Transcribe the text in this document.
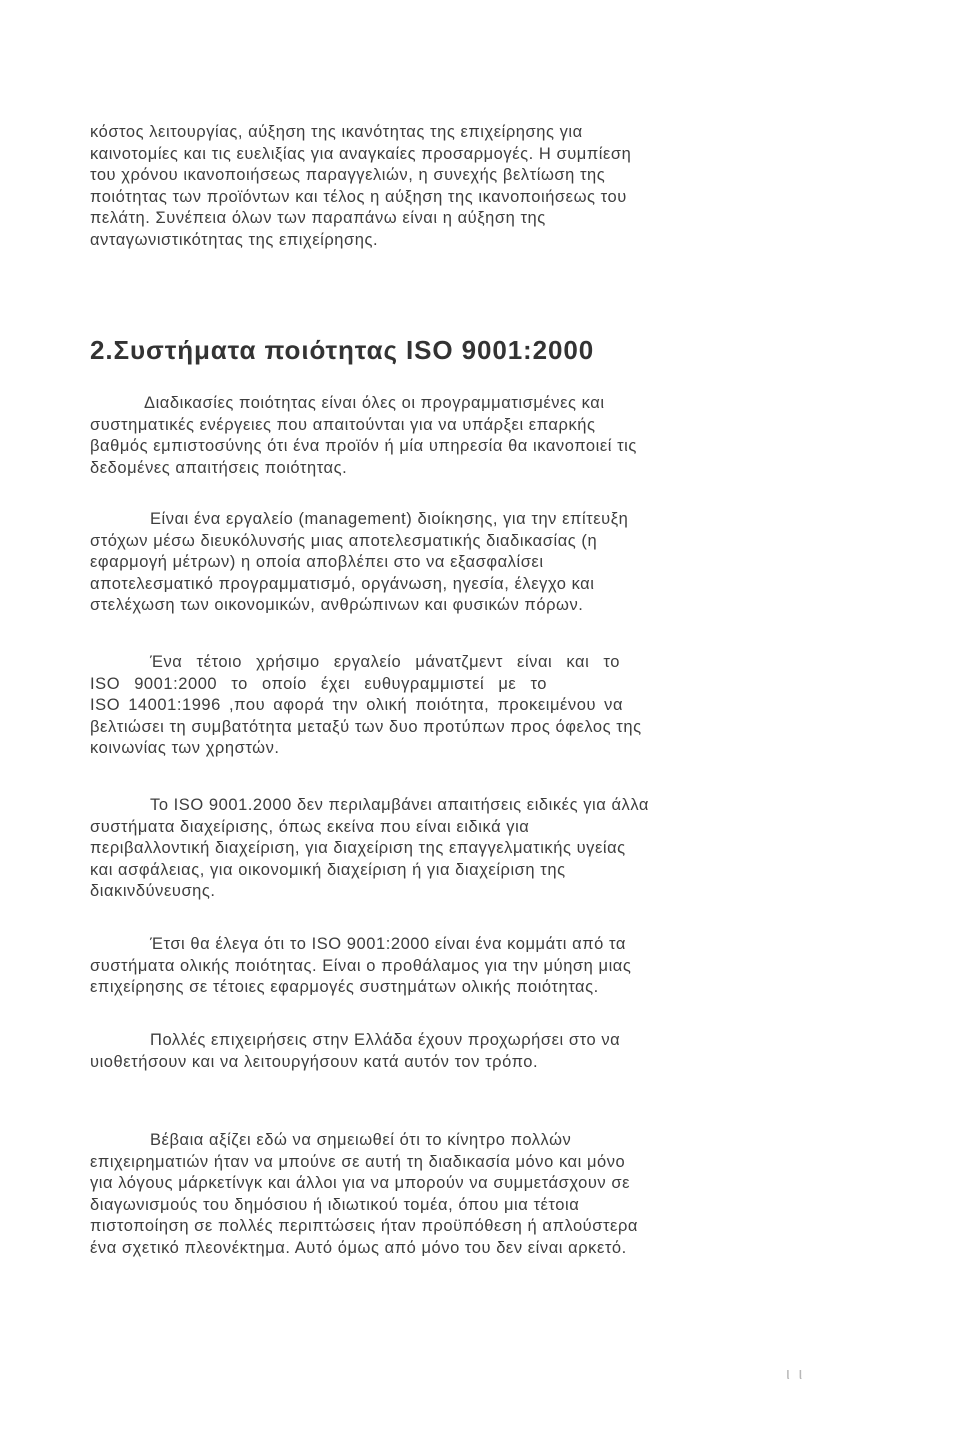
κόστος λειτουργίας, αύξηση της ικανότητας της επιχείρησης για
καινοτομίες και τις ευελιξίας για αναγκαίες προσαρμογές. Η συμπίεση
του χρόνου ικανοποιήσεως παραγγελιών, η συνεχής βελτίωση της
ποιότητας των προϊόντων και τέλος η αύξηση της ικανοποιήσεως του
πελάτη. Συνέπεια όλων των παραπάνω είναι η αύξηση της
ανταγωνιστικότητας της επιχείρησης.
2.Συστήματα ποιότητας ISO 9001:2000
Διαδικασίες ποιότητας είναι όλες οι προγραμματισμένες και
συστηματικές ενέργειες που απαιτούνται για να υπάρξει επαρκής
βαθμός εμπιστοσύνης ότι ένα προϊόν ή μία υπηρεσία θα ικανοποιεί τις
δεδομένες απαιτήσεις ποιότητας.
Είναι ένα εργαλείο (management) διοίκησης, για την επίτευξη
στόχων μέσω διευκόλυνσής μιας αποτελεσματικής διαδικασίας (η
εφαρμογή μέτρων) η οποία αποβλέπει στο να εξασφαλίσει
αποτελεσματικό προγραμματισμό, οργάνωση, ηγεσία, έλεγχο και
στελέχωση των οικονομικών, ανθρώπινων και φυσικών πόρων.
Ένα τέτοιο χρήσιμο εργαλείο μάνατζμεντ είναι και το
ISO 9001:2000 το οποίο έχει ευθυγραμμιστεί με το
ISO 14001:1996 ,που αφορά την ολική ποιότητα, προκειμένου να
βελτιώσει τη συμβατότητα μεταξύ των δυο προτύπων προς όφελος της
κοινωνίας των χρηστών.
Το ISO 9001.2000 δεν περιλαμβάνει απαιτήσεις ειδικές για άλλα
συστήματα διαχείρισης, όπως εκείνα που είναι ειδικά για
περιβαλλοντική διαχείριση, για διαχείριση της επαγγελματικής υγείας
και ασφάλειας, για οικονομική διαχείριση ή για διαχείριση της
διακινδύνευσης.
Έτσι θα έλεγα ότι το ISO 9001:2000 είναι ένα κομμάτι από τα
συστήματα ολικής ποιότητας. Είναι ο προθάλαμος για την μύηση μιας
επιχείρησης σε τέτοιες εφαρμογές συστημάτων ολικής ποιότητας.
Πολλές επιχειρήσεις στην Ελλάδα έχουν προχωρήσει στο να
υιοθετήσουν και να λειτουργήσουν κατά αυτόν τον τρόπο.
Βέβαια αξίζει εδώ να σημειωθεί ότι το κίνητρο πολλών
επιχειρηματιών ήταν να μπούνε σε αυτή τη διαδικασία μόνο και μόνο
για λόγους μάρκετίνγκ και άλλοι για να μπορούν να συμμετάσχουν σε
διαγωνισμούς του δημόσιου ή ιδιωτικού τομέα, όπου μια τέτοια
πιστοποίηση σε πολλές περιπτώσεις ήταν προϋπόθεση ή απλούστερα
ένα σχετικό πλεονέκτημα. Αυτό όμως από μόνο του δεν είναι αρκετό.
ι ι
